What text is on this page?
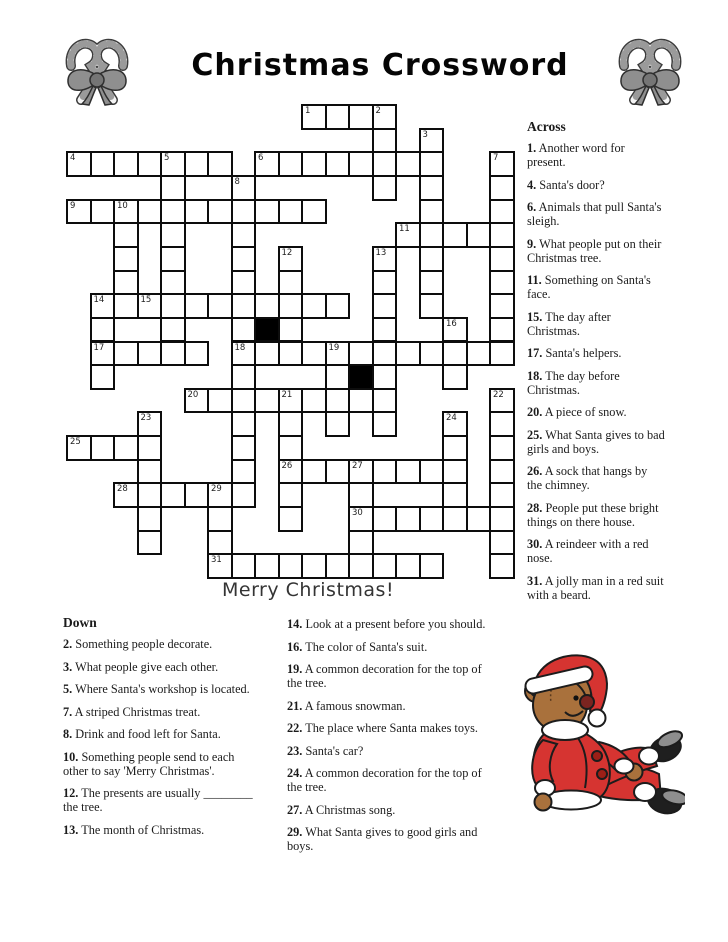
Christmas Crossword
1	2
3
4	5	6	7
8
9	10
11
12	13
14	15
16
17	18	19
20	21	22
23	24
25
26	27
28	29
30
31

Across

1. Another word for
present.

4. Santa's door?

6. Animals that pull Santa's
sleigh.

9. What people put on their
Christmas tree.

11. Something on Santa's
face.

15. The day after
Christmas.

17. Santa's helpers.

18. The day before
Christmas.

20. A piece of snow.

25. What Santa gives to bad
girls and boys.

26. A sock that hangs by
the chimney.

28. People put these bright
things on there house.

30. A reindeer with a red
nose.

31. A jolly man in a red suit
with a beard.

Merry Christmas!

Down

2. Something people decorate.

3. What people give each other.

5. Where Santa's workshop is located.

7. A striped Christmas treat.

8. Drink and food left for Santa.

10. Something people send to each
other to say 'Merry Christmas'.

12. The presents are usually ________
the tree.

13. The month of Christmas.

14. Look at a present before you should.

16. The color of Santa's suit.

19. A common decoration for the top of
the tree.

21. A famous snowman.

22. The place where Santa makes toys.

23. Santa's car?

24. A common decoration for the top of
the tree.

27. A Christmas song.

29. What Santa gives to good girls and
boys.
